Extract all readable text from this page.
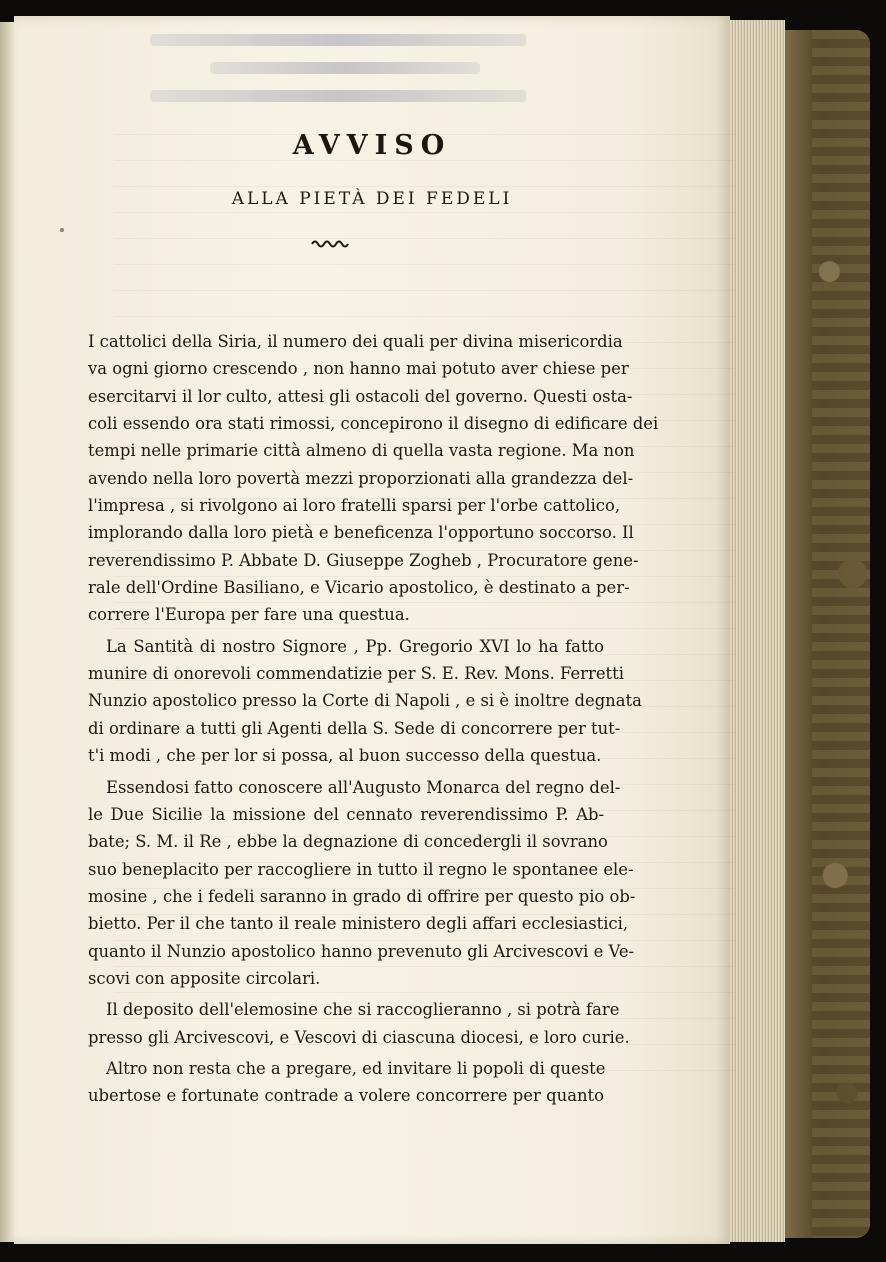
AVVISO
ALLA PIETÀ DEI FEDELI

I cattolici della Siria, il numero dei quali per divina misericordia
va ogni giorno crescendo , non hanno mai potuto aver chiese per
esercitarvi il lor culto, attesi gli ostacoli del governo. Questi osta-
coli essendo ora stati rimossi, concepirono il disegno di edificare dei
tempi nelle primarie città almeno di quella vasta regione. Ma non
avendo nella loro povertà mezzi proporzionati alla grandezza del-
l'impresa , si rivolgono ai loro fratelli sparsi per l'orbe cattolico,
implorando dalla loro pietà e beneficenza l'opportuno soccorso. Il
reverendissimo P. Abbate D. Giuseppe Zogheb , Procuratore gene-
rale dell'Ordine Basiliano, e Vicario apostolico, è destinato a per-
correre l'Europa per fare una questua.

La Santità di nostro Signore , Pp. Gregorio XVI lo ha fatto
munire di onorevoli commendatizie per S. E. Rev. Mons. Ferretti
Nunzio apostolico presso la Corte di Napoli , e si è inoltre degnata
di ordinare a tutti gli Agenti della S. Sede di concorrere per tut-
t'i modi , che per lor si possa, al buon successo della questua.

Essendosi fatto conoscere all'Augusto Monarca del regno del-
le Due Sicilie la missione del cennato reverendissimo P. Ab-
bate; S. M. il Re , ebbe la degnazione di concedergli il sovrano
suo beneplacito per raccogliere in tutto il regno le spontanee ele-
mosine , che i fedeli saranno in grado di offrire per questo pio ob-
bietto. Per il che tanto il reale ministero degli affari ecclesiastici,
quanto il Nunzio apostolico hanno prevenuto gli Arcivescovi e Ve-
scovi con apposite circolari.

Il deposito dell'elemosine che si raccoglieranno , si potrà fare
presso gli Arcivescovi, e Vescovi di ciascuna diocesi, e loro curie.

Altro non resta che a pregare, ed invitare li popoli di queste
ubertose e fortunate contrade a volere concorrere per quanto
